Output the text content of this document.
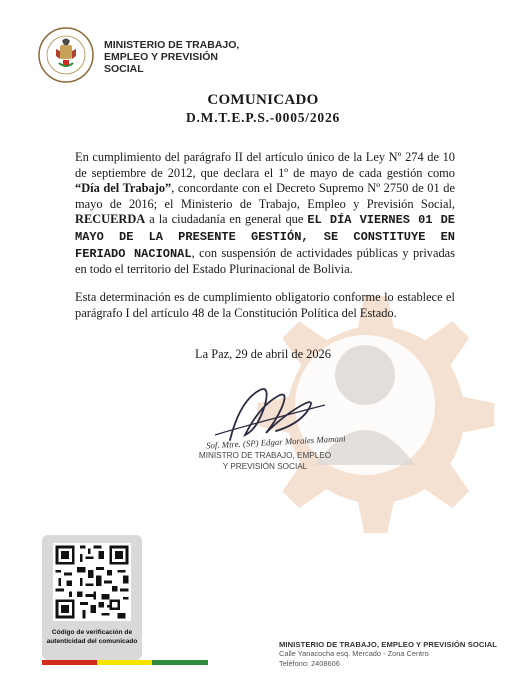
MINISTERIO DE TRABAJO,
EMPLEO Y PREVISIÓN
SOCIAL
COMUNICADO
D.M.T.E.P.S.-0005/2026
En cumplimiento del parágrafo II del artículo único de la Ley Nº 274 de 10 de septiembre de 2012, que declara el 1º de mayo de cada gestión como “Día del Trabajo”, concordante con el Decreto Supremo Nº 2750 de 01 de mayo de 2016; el Ministerio de Trabajo, Empleo y Previsión Social, RECUERDA a la ciudadanía en general que EL DÍA VIERNES 01 DE MAYO DE LA PRESENTE GESTIÓN, SE CONSTITUYE EN FERIADO NACIONAL, con suspensión de actividades públicas y privadas en todo el territorio del Estado Plurinacional de Bolivia.
Esta determinación es de cumplimiento obligatorio conforme lo establece el parágrafo I del artículo 48 de la Constitución Política del Estado.
La Paz, 29 de abril de 2026
Sof. Mtre. (SP) Edgar Morales Mamani
MINISTRO DE TRABAJO, EMPLEO
Y PREVISIÓN SOCIAL
Código de verificación de
autenticidad del comunicado	MINISTERIO DE TRABAJO, EMPLEO Y PREVISIÓN SOCIAL
Calle Yanacocha esq. Mercado - Zona Centro
Teléfono: 2408606
